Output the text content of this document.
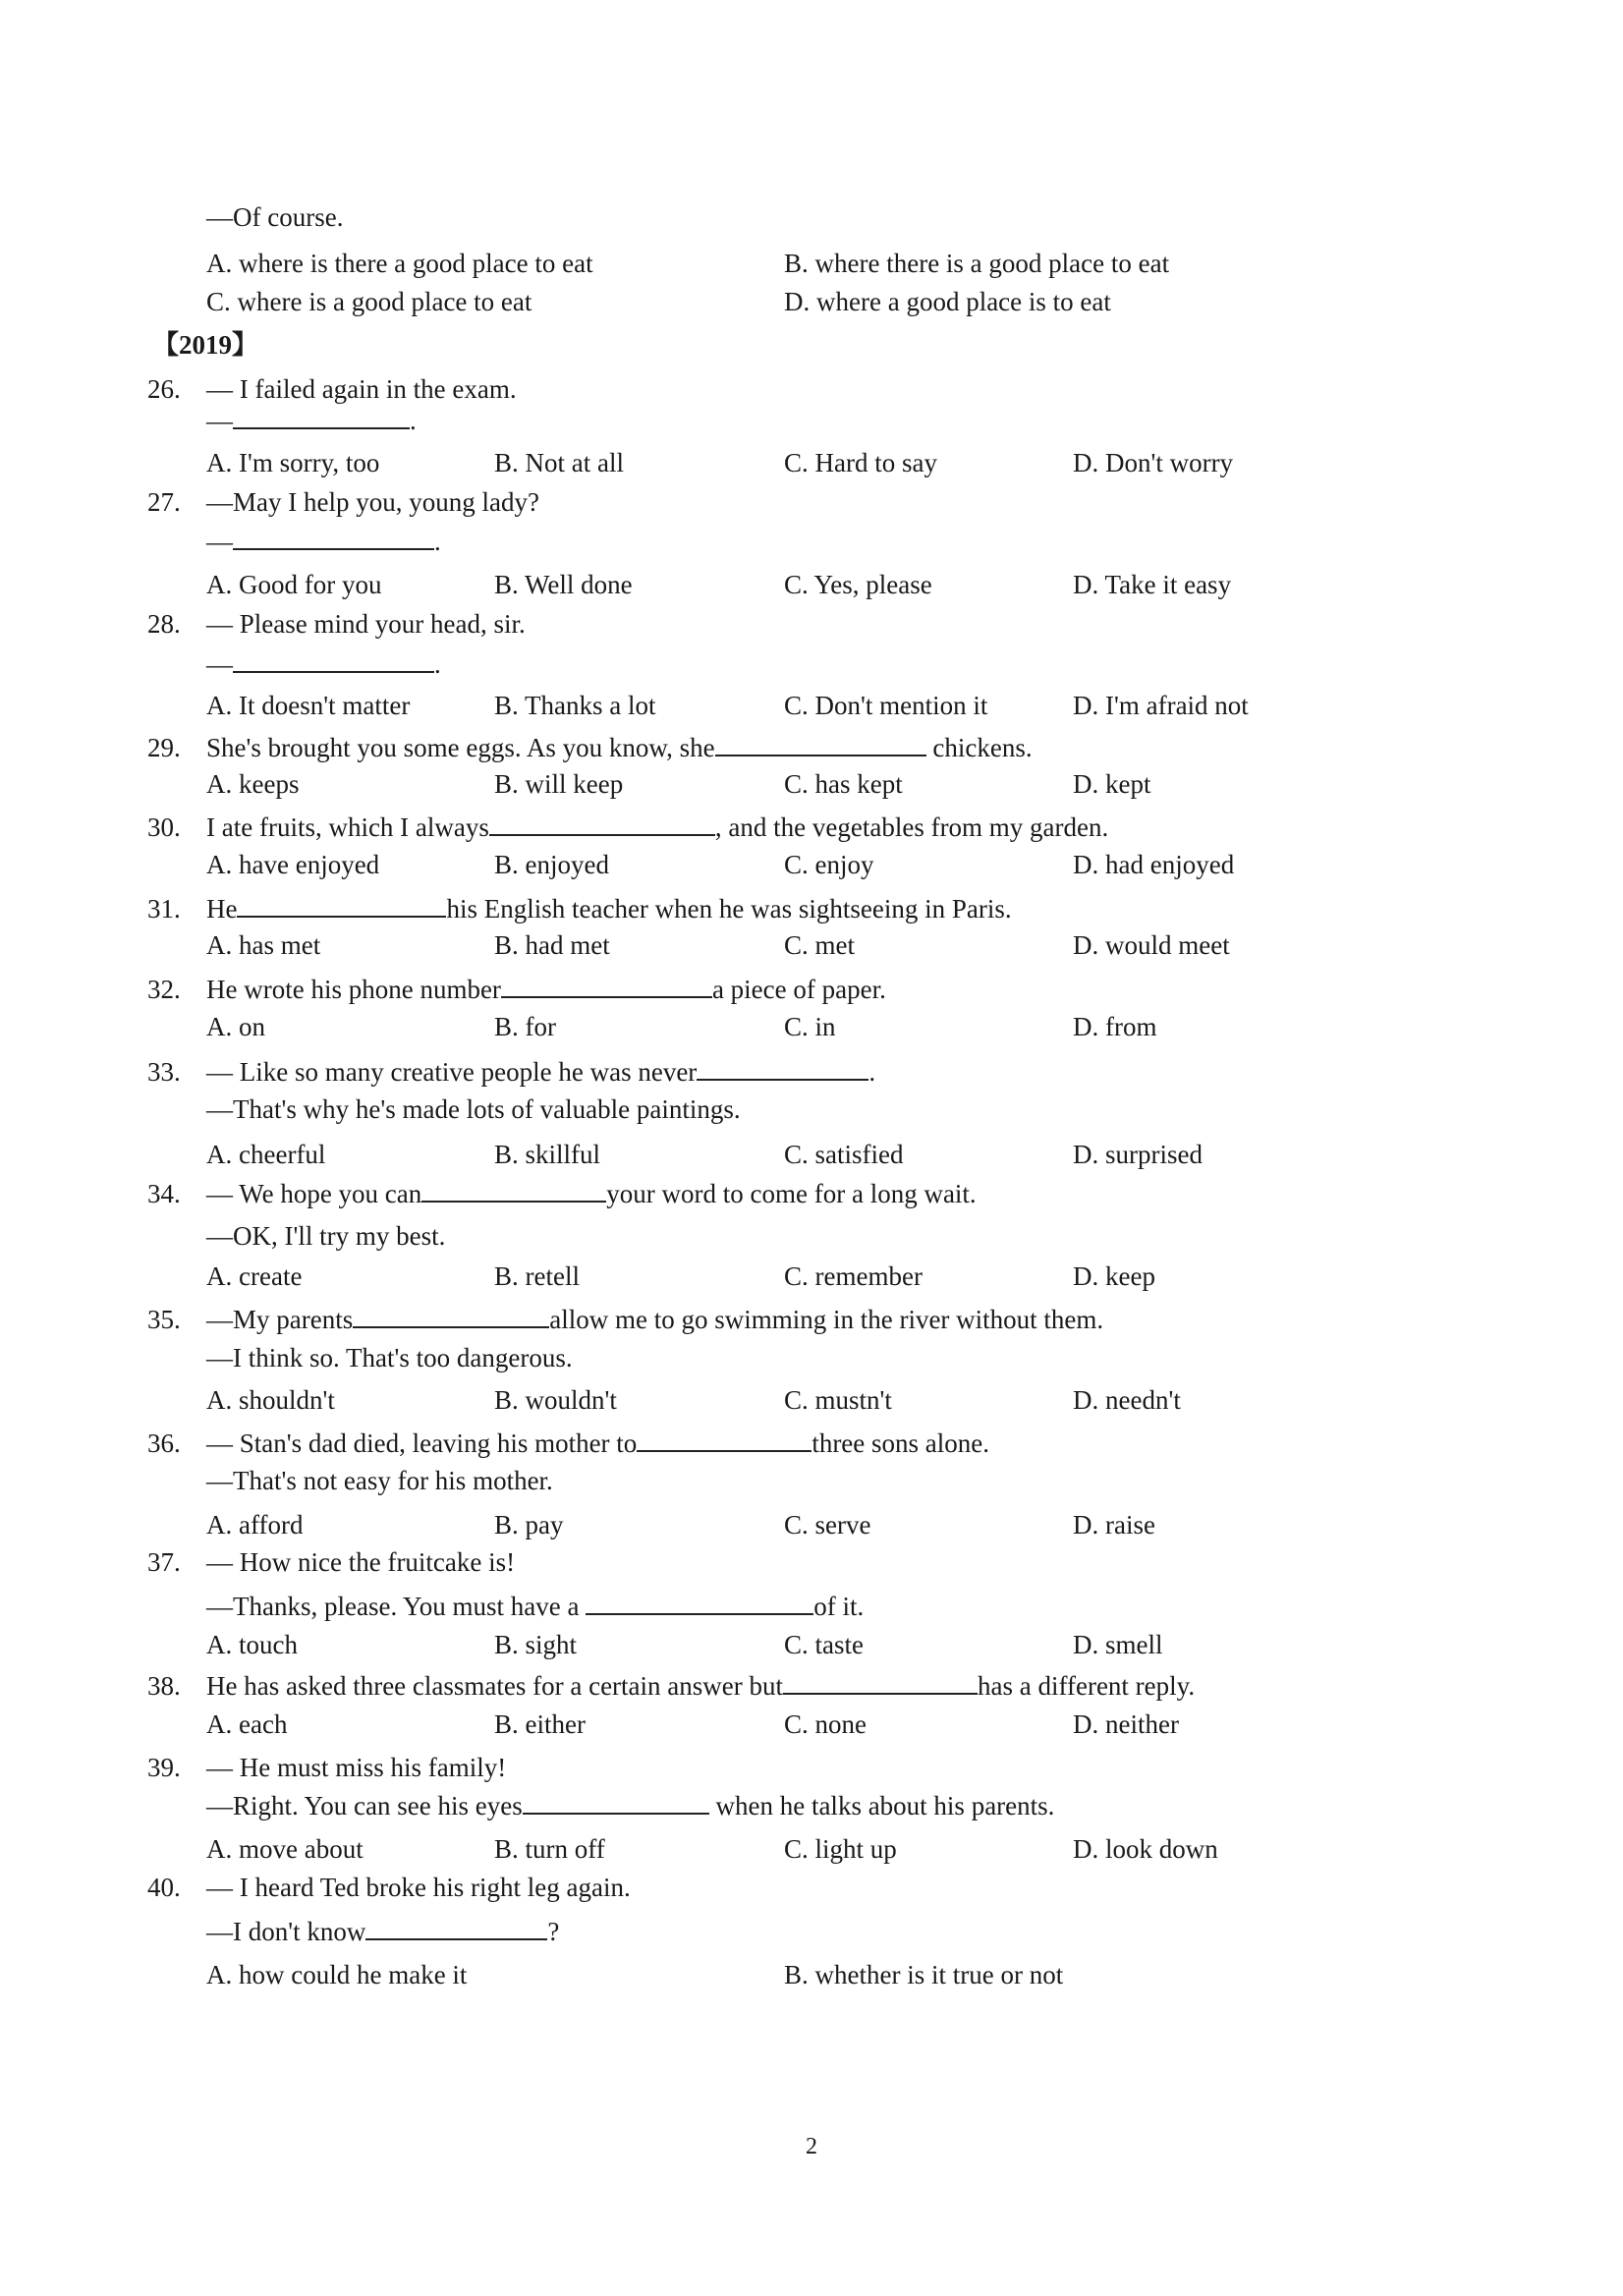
—Of course.
A. where is there a good place to eat	B. where there is a good place to eat
C. where is a good place to eat	D. where a good place is to eat
【2019】
26. — I failed again in the exam.
—	.
A. I'm sorry, too	B. Not at all	C. Hard to say	D. Don't worry
27. —May I help you, young lady?
—	.
A. Good for you	B. Well done	C. Yes, please	D. Take it easy
28. — Please mind your head, sir.
—	.
A. It doesn't matter	B. Thanks a lot	C. Don't mention it	D. I'm afraid not
29. She's brought you some eggs. As you know, she	chickens.
A. keeps	B. will keep	C. has kept	D. kept
30. I ate fruits, which I always	, and the vegetables from my garden.
A. have enjoyed	B. enjoyed	C. enjoy	D. had enjoyed
31. He	his English teacher when he was sightseeing in Paris.
A. has met	B. had met	C. met	D. would meet
32. He wrote his phone number	a piece of paper.
A. on	B. for	C. in	D. from
33. — Like so many creative people he was never	.
—That's why he's made lots of valuable paintings.
A. cheerful	B. skillful	C. satisfied	D. surprised
34. — We hope you can	your word to come for a long wait.
—OK, I'll try my best.
A. create	B. retell	C. remember	D. keep
35. —My parents	allow me to go swimming in the river without them.
—I think so. That's too dangerous.
A. shouldn't	B. wouldn't	C. mustn't	D. needn't
36. — Stan's dad died, leaving his mother to	three sons alone.
—That's not easy for his mother.
A. afford	B. pay	C. serve	D. raise
37. — How nice the fruitcake is!
—Thanks, please. You must have a	of it.
A. touch	B. sight	C. taste	D. smell
38. He has asked three classmates for a certain answer but	has a different reply.
A. each	B. either	C. none	D. neither
39. — He must miss his family!
—Right. You can see his eyes	when he talks about his parents.
A. move about	B. turn off	C. light up	D. look down
40. — I heard Ted broke his right leg again.
—I don't know	?
A. how could he make it	B. whether is it true or not
2
